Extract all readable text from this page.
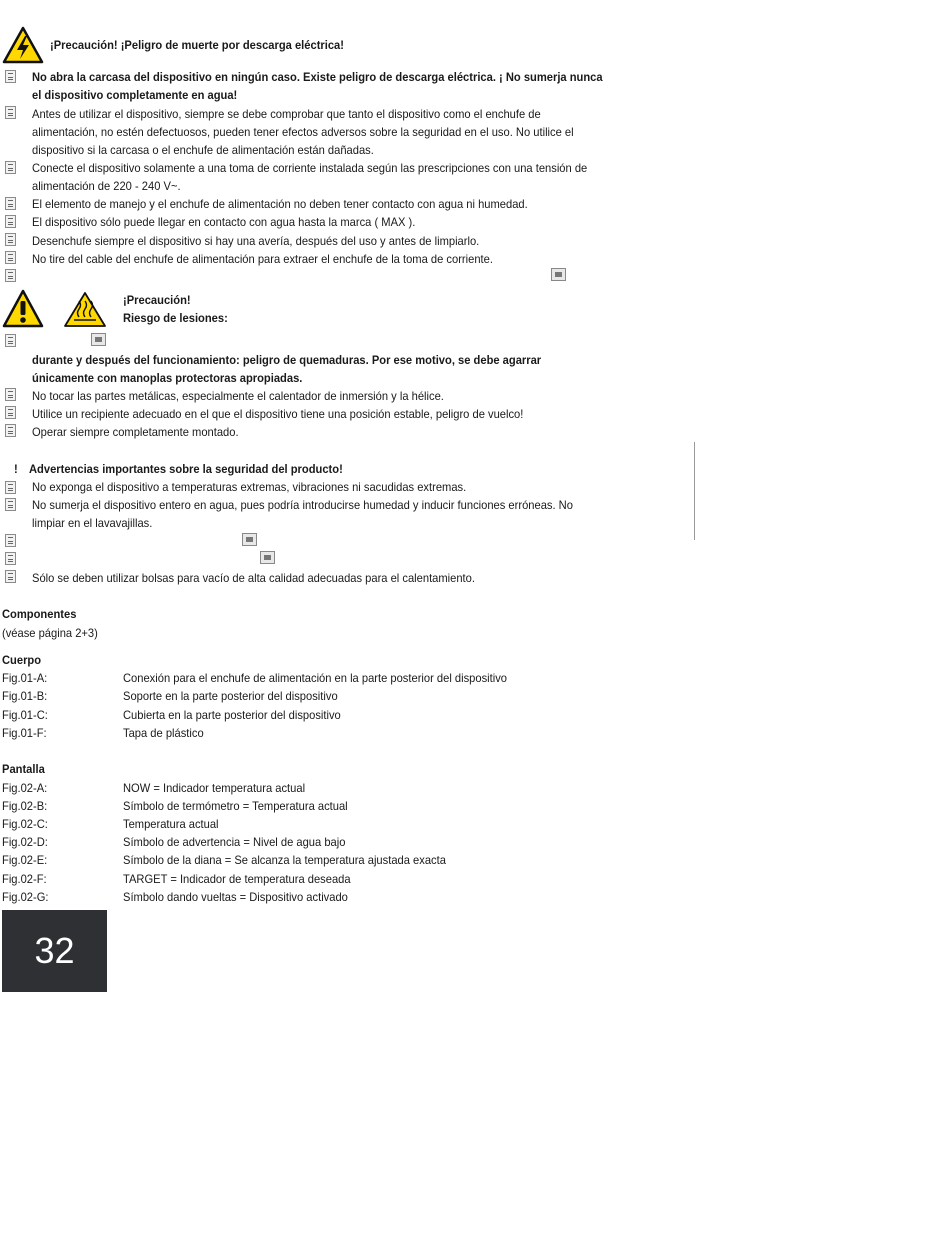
¡Precaución! ¡Peligro de muerte por descarga eléctrica!
No abra la carcasa del dispositivo en ningún caso. Existe peligro de descarga eléctrica. ¡ No sumerja nunca
el dispositivo completamente en agua!
Antes de utilizar el dispositivo, siempre se debe comprobar que tanto el dispositivo como el enchufe de
alimentación, no estén defectuosos, pueden tener efectos adversos sobre la seguridad en el uso. No utilice el
dispositivo si la carcasa o el enchufe de alimentación están dañadas.
Conecte el dispositivo solamente a una toma de corriente instalada según las prescripciones con una tensión de
alimentación de 220 - 240 V~.
El elemento de manejo y el enchufe de alimentación no deben tener contacto con agua ni humedad.
El dispositivo sólo puede llegar en contacto con agua hasta la marca ( MAX ).
Desenchufe siempre el dispositivo si hay una avería, después del uso y antes de limpiarlo.
No tire del cable del enchufe de alimentación para extraer el enchufe de la toma de corriente.
¡Precaución!
Riesgo de lesiones:
durante y después del funcionamiento: peligro de quemaduras. Por ese motivo, se debe agarrar
únicamente con manoplas protectoras apropiadas.
No tocar las partes metálicas, especialmente el calentador de inmersión y la hélice.
Utilice un recipiente adecuado en el que el dispositivo tiene una posición estable, peligro de vuelco!
Operar siempre completamente montado.
! Advertencias importantes sobre la seguridad del producto!
No exponga el dispositivo a temperaturas extremas, vibraciones ni sacudidas extremas.
No sumerja el dispositivo entero en agua, pues podría introducirse humedad y inducir funciones erróneas. No
limpiar en el lavavajillas.
Sólo se deben utilizar bolsas para vacío de alta calidad adecuadas para el calentamiento.
Componentes
(véase página 2+3)
Cuerpo
Fig.01-A:	Conexión para el enchufe de alimentación en la parte posterior del dispositivo
Fig.01-B:	Soporte en la parte posterior del dispositivo
Fig.01-C:	Cubierta en la parte posterior del dispositivo
Fig.01-F:	Tapa de plástico
Pantalla
Fig.02-A:	NOW = Indicador temperatura actual
Fig.02-B:	Símbolo de termómetro = Temperatura actual
Fig.02-C:	Temperatura actual
Fig.02-D:	Símbolo de advertencia = Nivel de agua bajo
Fig.02-E:	Símbolo de la diana = Se alcanza la temperatura ajustada exacta
Fig.02-F:	TARGET = Indicador de temperatura deseada
Fig.02-G:	Símbolo dando vueltas = Dispositivo activado
32
